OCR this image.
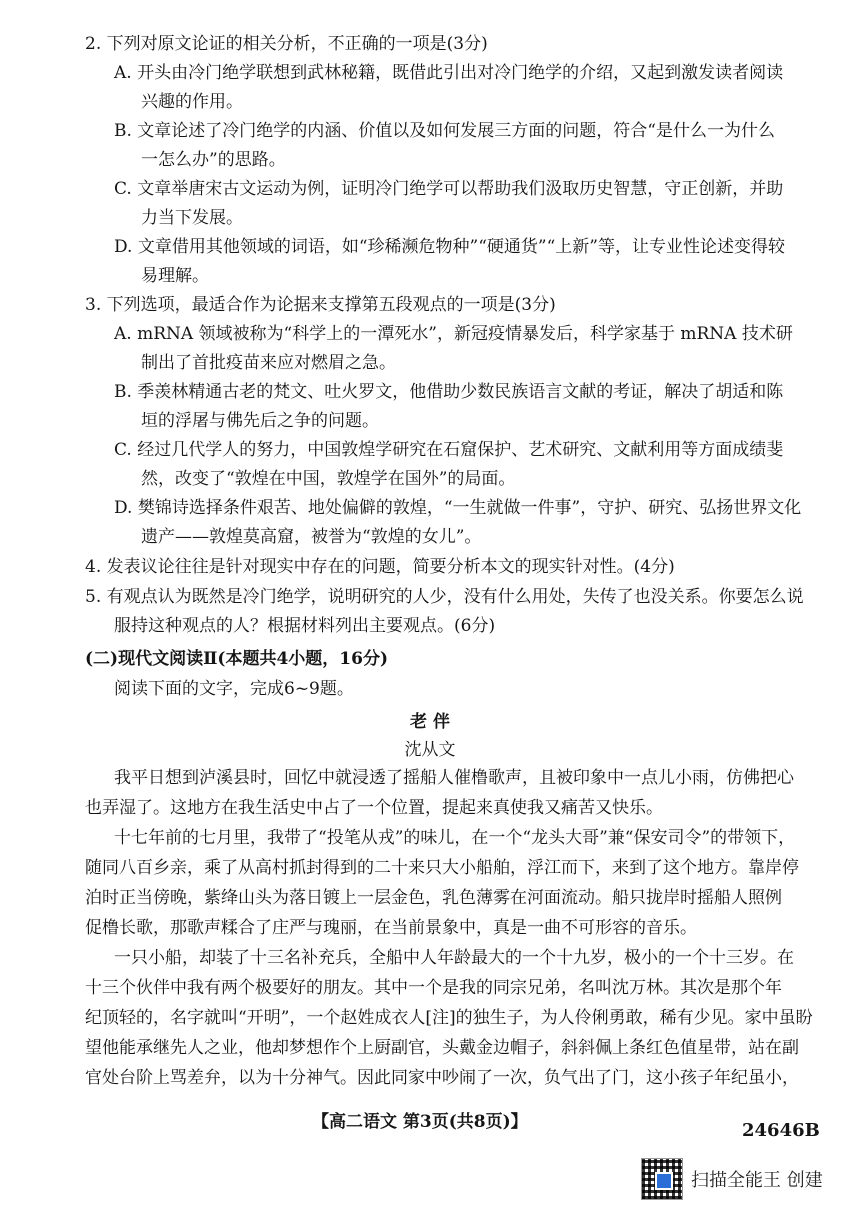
2. 下列对原文论证的相关分析，不正确的一项是(3分)
A. 开头由冷门绝学联想到武林秘籍，既借此引出对冷门绝学的介绍，又起到激发读者阅读
兴趣的作用。
B. 文章论述了冷门绝学的内涵、价值以及如何发展三方面的问题，符合“是什么一为什么
一怎么办”的思路。
C. 文章举唐宋古文运动为例，证明冷门绝学可以帮助我们汲取历史智慧，守正创新，并助
力当下发展。
D. 文章借用其他领域的词语，如“珍稀濒危物种”“硬通货”“上新”等，让专业性论述变得较
易理解。
3. 下列选项，最适合作为论据来支撑第五段观点的一项是(3分)
A. mRNA 领域被称为“科学上的一潭死水”，新冠疫情暴发后，科学家基于 mRNA 技术研
制出了首批疫苗来应对燃眉之急。
B. 季羡林精通古老的梵文、吐火罗文，他借助少数民族语言文献的考证，解决了胡适和陈
垣的浮屠与佛先后之争的问题。
C. 经过几代学人的努力，中国敦煌学研究在石窟保护、艺术研究、文献利用等方面成绩斐
然，改变了“敦煌在中国，敦煌学在国外”的局面。
D. 樊锦诗选择条件艰苦、地处偏僻的敦煌，“一生就做一件事”，守护、研究、弘扬世界文化
遗产——敦煌莫高窟，被誉为“敦煌的女儿”。
4. 发表议论往往是针对现实中存在的问题，简要分析本文的现实针对性。(4分)
5. 有观点认为既然是冷门绝学，说明研究的人少，没有什么用处，失传了也没关系。你要怎么说
服持这种观点的人？根据材料列出主要观点。(6分)
(二)现代文阅读Ⅱ(本题共4小题，16分)
阅读下面的文字，完成6~9题。
老 伴
沈从文
我平日想到泸溪县时，回忆中就浸透了摇船人催橹歌声，且被印象中一点儿小雨，仿佛把心
也弄湿了。这地方在我生活史中占了一个位置，提起来真使我又痛苦又快乐。
十七年前的七月里，我带了“投笔从戎”的味儿，在一个“龙头大哥”兼“保安司令”的带领下，
随同八百乡亲，乘了从高村抓封得到的二十来只大小船舶，浮江而下，来到了这个地方。靠岸停
泊时正当傍晚，紫绛山头为落日镀上一层金色，乳色薄雾在河面流动。船只拢岸时摇船人照例
促橹长歌，那歌声糅合了庄严与瑰丽，在当前景象中，真是一曲不可形容的音乐。
一只小船，却装了十三名补充兵，全船中人年龄最大的一个十九岁，极小的一个十三岁。在
十三个伙伴中我有两个极要好的朋友。其中一个是我的同宗兄弟，名叫沈万林。其次是那个年
纪顶轻的，名字就叫“开明”，一个赵姓成衣人[注]的独生子，为人伶俐勇敢，稀有少见。家中虽盼
望他能承继先人之业，他却梦想作个上厨副官，头戴金边帽子，斜斜佩上条红色值星带，站在副
官处台阶上骂差弁，以为十分神气。因此同家中吵闹了一次，负气出了门，这小孩子年纪虽小，
【高二语文 第3页(共8页)】	24646B
扫描全能王 创建
